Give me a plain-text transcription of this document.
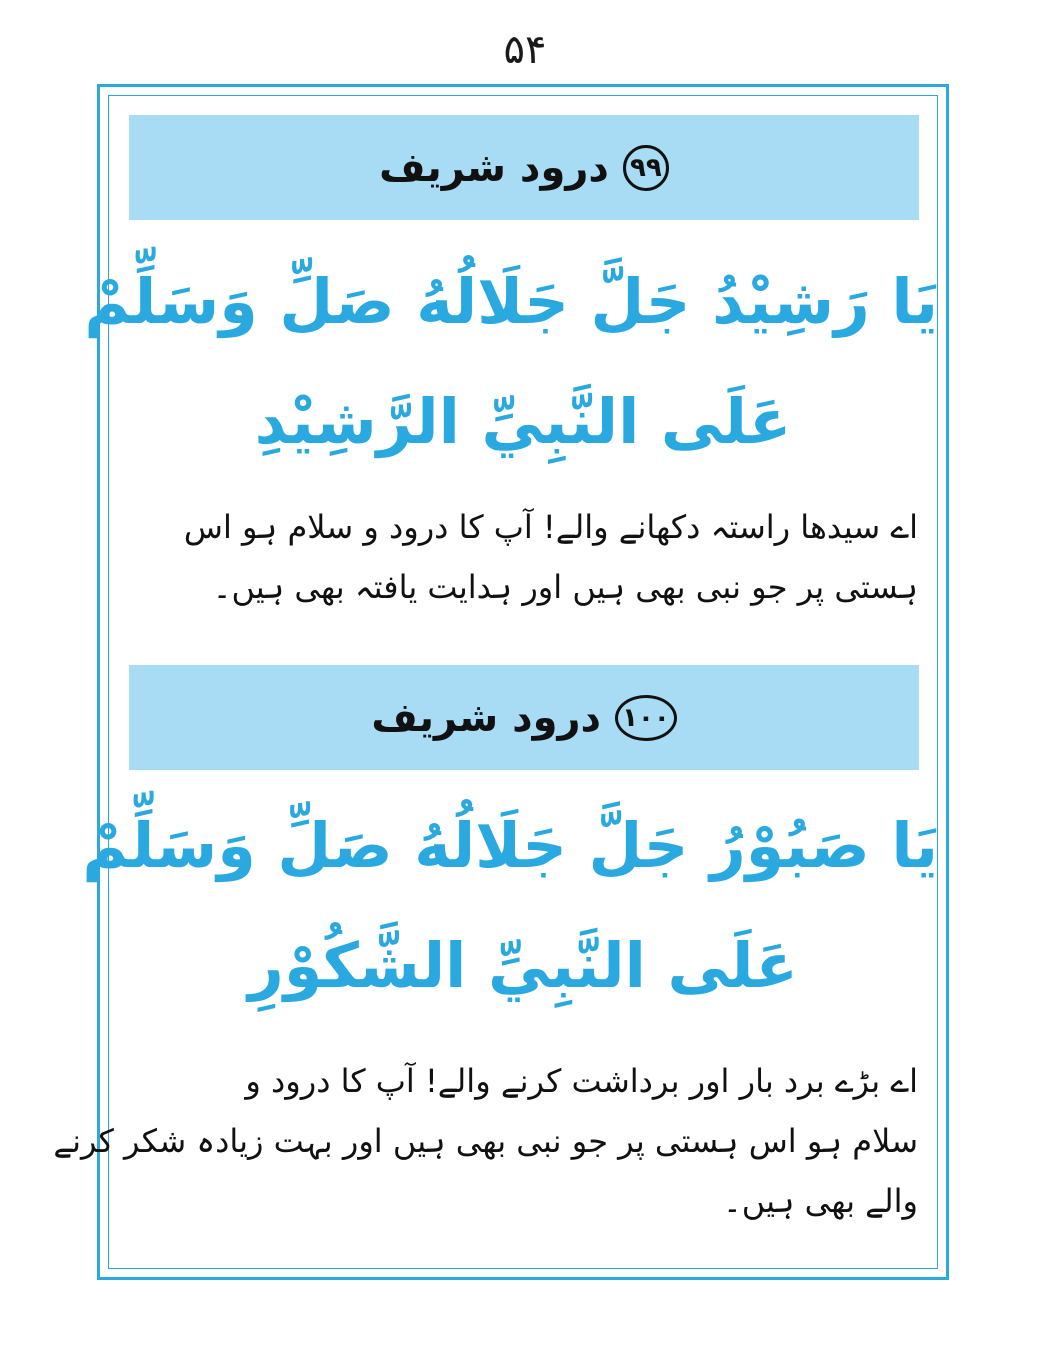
۵۴
۹۹
درود شریف
يَا رَشِيْدُ جَلَّ جَلَالُهُ صَلِّ وَسَلِّمْ
عَلَى النَّبِيِّ الرَّشِيْدِ
اے سیدھا راستہ دکھانے والے! آپ کا درود و سلام ہو اس
ہستی پر جو نبی بھی ہیں اور ہدایت یافتہ بھی ہیں۔
۱۰۰
درود شریف
يَا صَبُوْرُ جَلَّ جَلَالُهُ صَلِّ وَسَلِّمْ
عَلَى النَّبِيِّ الشَّكُوْرِ
اے بڑے برد بار اور برداشت کرنے والے! آپ کا درود و
سلام ہو اس ہستی پر جو نبی بھی ہیں اور بہت زیادہ شکر کرنے
والے بھی ہیں۔
